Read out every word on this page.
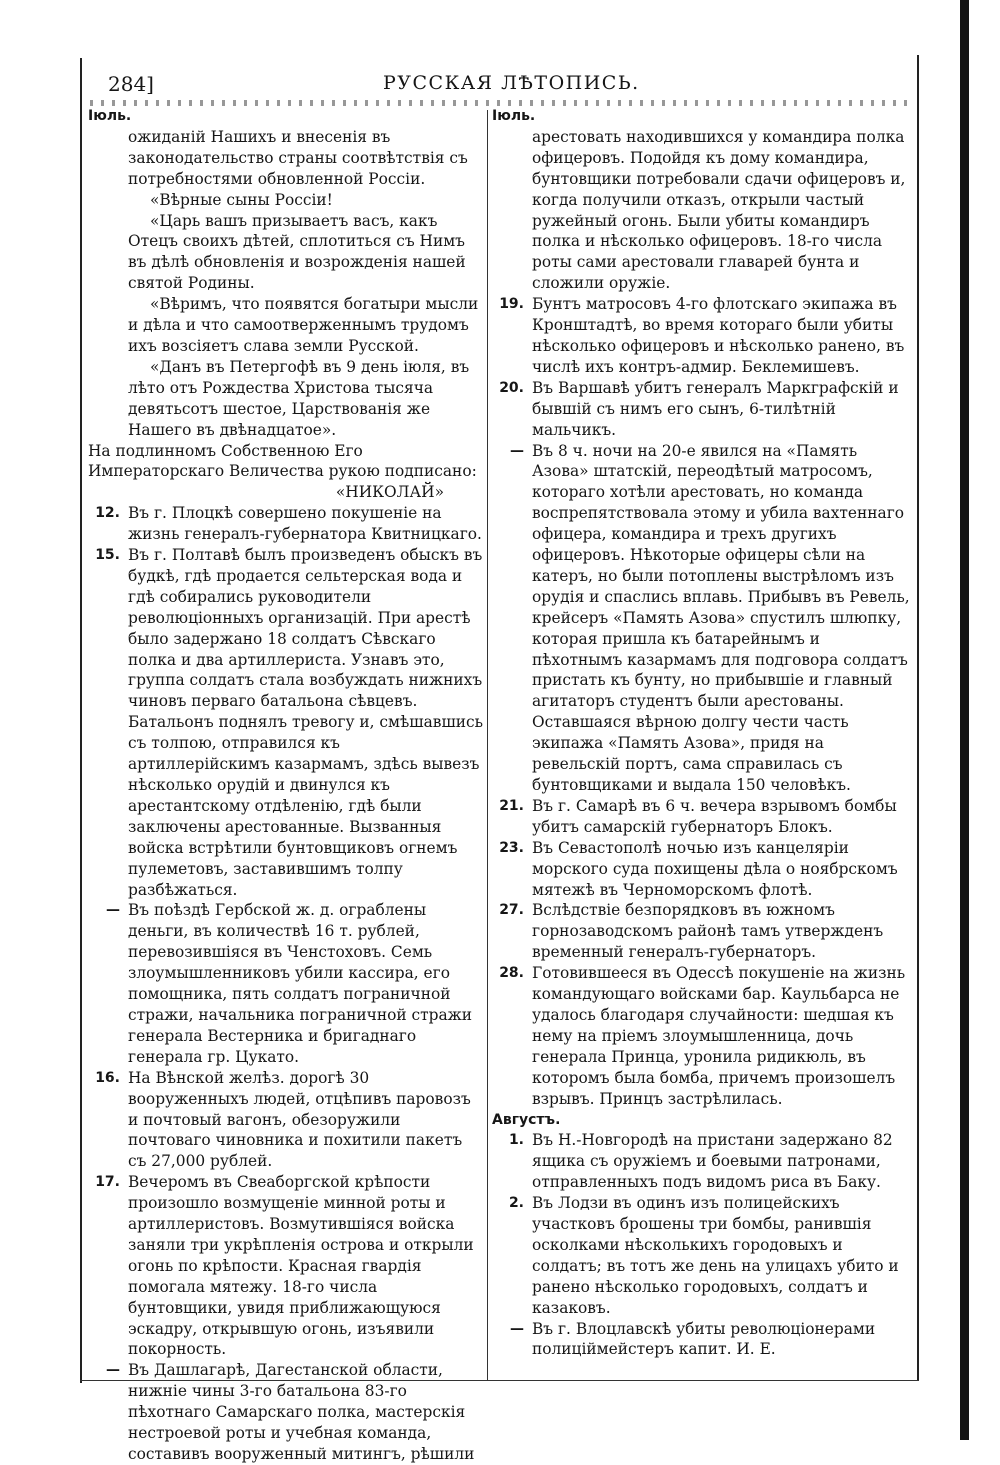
284]	РУССКАЯ ЛѢТОПИСЬ.
Іюль.
ожиданій Нашихъ и внесенія въ законодательство страны соотвѣтствія съ потребностями обновленной Россіи.
«Вѣрные сыны Россіи!
«Царь вашъ призываетъ васъ, какъ Отецъ своихъ дѣтей, сплотиться съ Нимъ въ дѣлѣ обновленія и возрожденія нашей святой Родины.
«Вѣримъ, что появятся богатыри мысли и дѣла и что самоотверженнымъ трудомъ ихъ возсіяетъ слава земли Русской.
«Данъ въ Петергофѣ въ 9 день іюля, въ лѣто отъ Рождества Христова тысяча девятьсотъ шестое, Царствованія же Нашего въ двѣнадцатое».
На подлинномъ Собственною Его Императорскаго Величества рукою подписано:
«НИКОЛАЙ»
12. Въ г. Плоцкѣ совершено покушеніе на жизнь генералъ-губернатора Квитницкаго.
15. Въ г. Полтавѣ былъ произведенъ обыскъ въ будкѣ, гдѣ продается сельтерская вода и гдѣ собирались руководители революціонныхъ организацій. При арестѣ было задержано 18 солдатъ Сѣвскаго полка и два артиллериста. Узнавъ это, группа солдатъ стала возбуждать нижнихъ чиновъ перваго батальона сѣвцевъ. Батальонъ поднялъ тревогу и, смѣшавшись съ толпою, отправился къ артиллерійскимъ казармамъ, здѣсь вывезъ нѣсколько орудій и двинулся къ арестантскому отдѣленію, гдѣ были заключены арестованные. Вызванныя войска встрѣтили бунтовщиковъ огнемъ пулеметовъ, заставившимъ толпу разбѣжаться.
— Въ поѣздѣ Гербской ж. д. ограблены деньги, въ количествѣ 16 т. рублей, перевозившіяся въ Ченстоховъ. Семь злоумышленниковъ убили кассира, его помощника, пять солдатъ пограничной стражи, начальника пограничной стражи генерала Вестерника и бригаднаго генерала гр. Цукато.
16. На Вѣнской желѣз. дорогѣ 30 вооруженныхъ людей, отцѣпивъ паровозъ и почтовый вагонъ, обезоружили почтоваго чиновника и похитили пакетъ съ 27,000 рублей.
17. Вечеромъ въ Свеаборгской крѣпости произошло возмущеніе минной роты и артиллеристовъ. Возмутившіяся войска заняли три укрѣпленія острова и открыли огонь по крѣпости. Красная гвардія помогала мятежу. 18-го числа бунтовщики, увидя приближающуюся эскадру, открывшую огонь, изъявили покорность.
— Въ Дашлагарѣ, Дагестанской области, нижніе чины 3-го батальона 83-го пѣхотнаго Самарскаго полка, мастерскія нестроевой роты и учебная команда, составивъ вооруженный митингъ, рѣшили
Іюль.
арестовать находившихся у командира полка офицеровъ. Подойдя къ дому командира, бунтовщики потребовали сдачи офицеровъ и, когда получили отказъ, открыли частый ружейный огонь. Были убиты командиръ полка и нѣсколько офицеровъ. 18-го числа роты сами арестовали главарей бунта и сложили оружіе.
19. Бунтъ матросовъ 4-го флотскаго экипажа въ Кронштадтѣ, во время котораго были убиты нѣсколько офицеровъ и нѣсколько ранено, въ числѣ ихъ контръ-адмир. Беклемишевъ.
20. Въ Варшавѣ убитъ генералъ Маркграфскій и бывшій съ нимъ его сынъ, 6-тилѣтній мальчикъ.
— Въ 8 ч. ночи на 20-е явился на «Память Азова» штатскій, переодѣтый матросомъ, котораго хотѣли арестовать, но команда воспрепятствовала этому и убила вахтеннаго офицера, командира и трехъ другихъ офицеровъ. Нѣкоторые офицеры сѣли на катеръ, но были потоплены выстрѣломъ изъ орудія и спаслись вплавь. Прибывъ въ Ревель, крейсеръ «Память Азова» спустилъ шлюпку, которая пришла къ батарейнымъ и пѣхотнымъ казармамъ для подговора солдатъ пристать къ бунту, но прибывшіе и главный агитаторъ студентъ были арестованы. Оставшаяся вѣрною долгу чести часть экипажа «Память Азова», придя на ревельскій портъ, сама справилась съ бунтовщиками и выдала 150 человѣкъ.
21. Въ г. Самарѣ въ 6 ч. вечера взрывомъ бомбы убитъ самарскій губернаторъ Блокъ.
23. Въ Севастополѣ ночью изъ канцеляріи морского суда похищены дѣла о ноябрскомъ мятежѣ въ Черноморскомъ флотѣ.
27. Вслѣдствіе безпорядковъ въ южномъ горнозаводскомъ районѣ тамъ утвержденъ временный генералъ-губернаторъ.
28. Готовившееся въ Одессѣ покушеніе на жизнь командующаго войсками бар. Каульбарса не удалось благодаря случайности: шедшая къ нему на пріемъ злоумышленница, дочь генерала Принца, уронила ридикюль, въ которомъ была бомба, причемъ произошелъ взрывъ. Принцъ застрѣлилась.
Августъ.
1. Въ Н.-Новгородѣ на пристани задержано 82 ящика съ оружіемъ и боевыми патронами, отправленныхъ подъ видомъ риса въ Баку.
2. Въ Лодзи въ одинъ изъ полицейскихъ участковъ брошены три бомбы, ранившія осколками нѣсколькихъ городовыхъ и солдатъ; въ тотъ же день на улицахъ убито и ранено нѣсколько городовыхъ, солдатъ и казаковъ.
— Въ г. Влоцлавскѣ убиты революціонерами полиціймейстеръ капит. И. Е.
